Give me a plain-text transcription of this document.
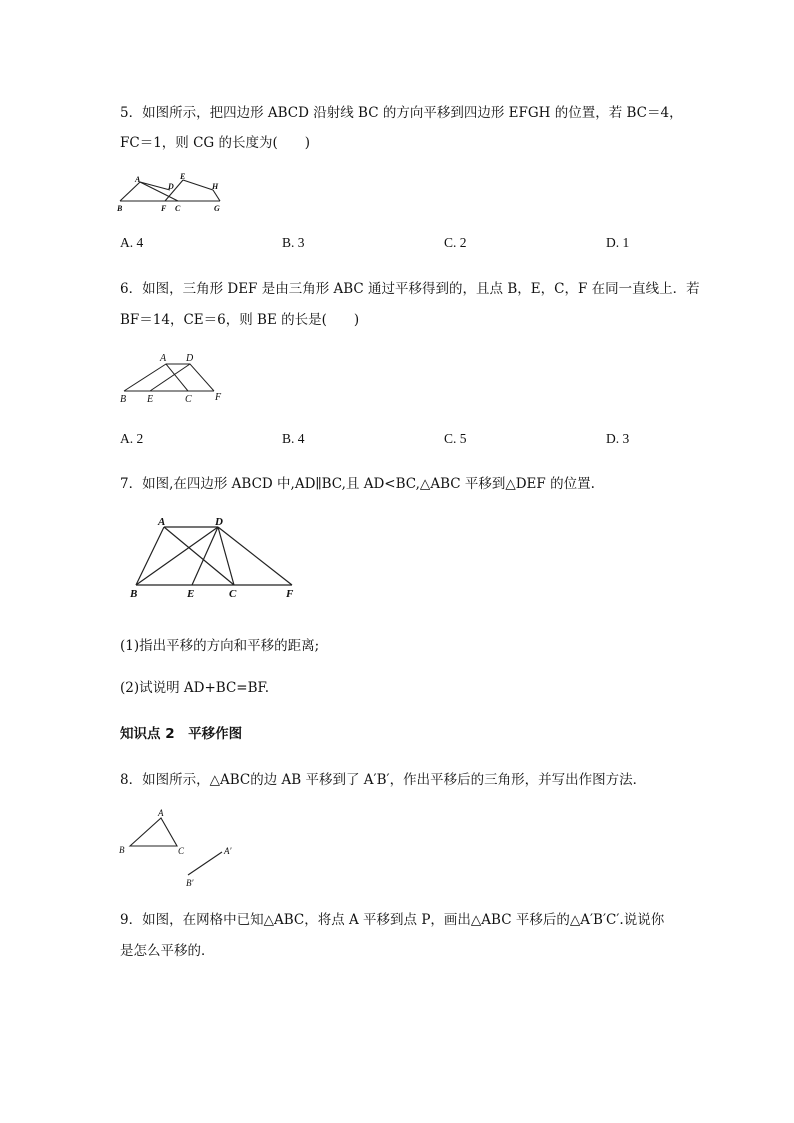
5．如图所示，把四边形 ABCD 沿射线 BC 的方向平移到四边形 EFGH 的位置，若 BC＝4，
FC＝1，则 CG 的长度为(　　)
A
D
E
H
B	F C	G
A. 4	B. 3	C. 2	D. 1
6．如图，三角形 DEF 是由三角形 ABC 通过平移得到的，且点 B，E，C，F 在同一直线上．若
BF＝14，CE＝6，则 BE 的长是(　　)
A D
B E	C F
A. 2	B. 4	C. 5	D. 3
7．如图,在四边形 ABCD 中,AD∥BC,且 AD<BC,△ABC 平移到△DEF 的位置.
A	D
B	E	C	F
(1)指出平移的方向和平移的距离;
(2)试说明 AD+BC=BF.
知识点 2　平移作图
8．如图所示，△ABC的边 AB 平移到了 A′B′，作出平移后的三角形，并写出作图方法．
A
B	C	A′
B′
9．如图，在网格中已知△ABC，将点 A 平移到点 P，画出△ABC 平移后的△A′B′C′.说说你
是怎么平移的．
